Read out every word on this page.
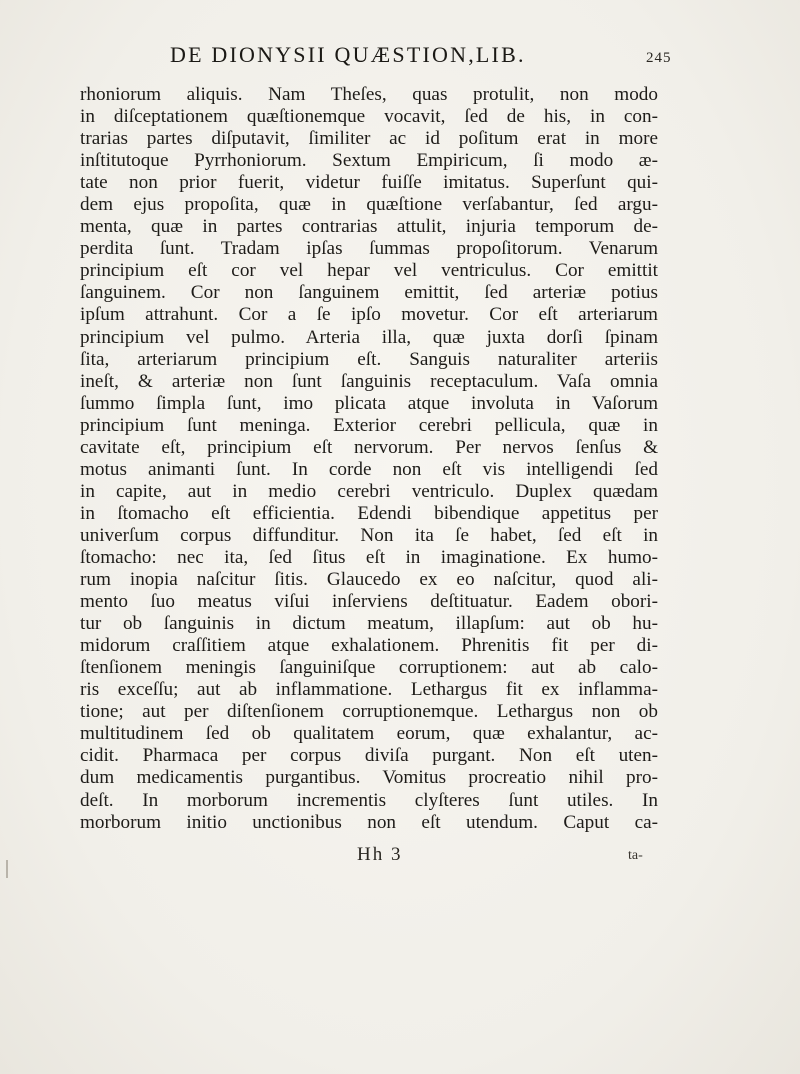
DE DIONYSII QUÆSTION,LIB.	245
rhoniorum aliquis. Nam Theſes, quas protulit, non modo
in diſceptationem quæſtionemque vocavit, ſed de his, in con-
trarias partes diſputavit, ſimiliter ac id poſitum erat in more
inſtitutoque Pyrrhoniorum. Sextum Empiricum, ſi modo æ-
tate non prior fuerit, videtur fuiſſe imitatus. Superſunt qui-
dem ejus propoſita, quæ in quæſtione verſabantur, ſed argu-
menta, quæ in partes contrarias attulit, injuria temporum de-
perdita ſunt. Tradam ipſas ſummas propoſitorum. Venarum
principium eſt cor vel hepar vel ventriculus. Cor emittit
ſanguinem. Cor non ſanguinem emittit, ſed arteriæ potius
ipſum attrahunt. Cor a ſe ipſo movetur. Cor eſt arteriarum
principium vel pulmo. Arteria illa, quæ juxta dorſi ſpinam
ſita, arteriarum principium eſt. Sanguis naturaliter arteriis
ineſt, & arteriæ non ſunt ſanguinis receptaculum. Vaſa omnia
ſummo ſimpla ſunt, imo plicata atque involuta in Vaſorum
principium ſunt meninga. Exterior cerebri pellicula, quæ in
cavitate eſt, principium eſt nervorum. Per nervos ſenſus &
motus animanti ſunt. In corde non eſt vis intelligendi ſed
in capite, aut in medio cerebri ventriculo. Duplex quædam
in ſtomacho eſt efficientia. Edendi bibendique appetitus per
univerſum corpus diffunditur. Non ita ſe habet, ſed eſt in
ſtomacho: nec ita, ſed ſitus eſt in imaginatione. Ex humo-
rum inopia naſcitur ſitis. Glaucedo ex eo naſcitur, quod ali-
mento ſuo meatus viſui inſerviens deſtituatur. Eadem obori-
tur ob ſanguinis in dictum meatum, illapſum: aut ob hu-
midorum craſſitiem atque exhalationem. Phrenitis fit per di-
ſtenſionem meningis ſanguiniſque corruptionem: aut ab calo-
ris exceſſu; aut ab inflammatione. Lethargus fit ex inflamma-
tione; aut per diſtenſionem corruptionemque. Lethargus non ob
multitudinem ſed ob qualitatem eorum, quæ exhalantur, ac-
cidit. Pharmaca per corpus diviſa purgant. Non eſt uten-
dum medicamentis purgantibus. Vomitus procreatio nihil pro-
deſt. In morborum incrementis clyſteres ſunt utiles. In
morborum initio unctionibus non eſt utendum. Caput ca-
Hh 3	ta-
